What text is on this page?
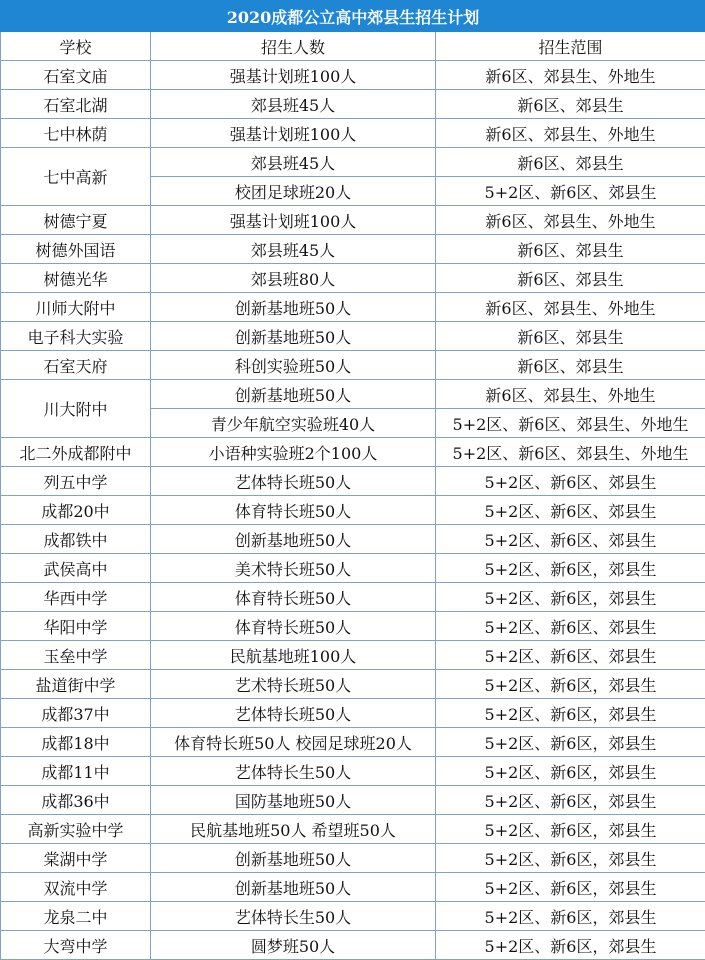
2020成都公立高中郊县生招生计划		
学校	招生人数	招生范围
石室文庙	强基计划班100人	新6区、郊县生、外地生
石室北湖	郊县班45人	新6区、郊县生
七中林荫	强基计划班100人	新6区、郊县生、外地生
七中高新	郊县班45人	新6区、郊县生
	校团足球班20人	5+2区、新6区、郊县生
树德宁夏	强基计划班100人	新6区、郊县生、外地生
树德外国语	郊县班45人	新6区、郊县生
树德光华	郊县班80人	新6区、郊县生
川师大附中	创新基地班50人	新6区、郊县生、外地生
电子科大实验	创新基地班50人	新6区、郊县生
石室天府	科创实验班50人	新6区、郊县生
川大附中	创新基地班50人	新6区、郊县生、外地生
	青少年航空实验班40人	5+2区、新6区、郊县生、外地生
北二外成都附中	小语种实验班2个100人	5+2区、新6区、郊县生、外地生
列五中学	艺体特长班50人	5+2区、新6区、郊县生
成都20中	体育特长班50人	5+2区、新6区、郊县生
成都铁中	创新基地班50人	5+2区、新6区、郊县生
武侯高中	美术特长班50人	5+2区、新6区，郊县生
华西中学	体育特长班50人	5+2区、新6区，郊县生
华阳中学	体育特长班50人	5+2区、新6区、郊县生
玉垒中学	民航基地班100人	5+2区、新6区、郊县生
盐道街中学	艺术特长班50人	5+2区、新6区，郊县生
成都37中	艺体特长班50人	5+2区、新6区，郊县生
成都18中	体育特长班50人 校园足球班20人	5+2区、新6区，郊县生
成都11中	艺体特长生50人	5+2区、新6区，郊县生
成都36中	国防基地班50人	5+2区、新6区，郊县生
高新实验中学	民航基地班50人 希望班50人	5+2区、新6区，郊县生
棠湖中学	创新基地班50人	5+2区、新6区，郊县生
双流中学	创新基地班50人	5+2区、新6区，郊县生
龙泉二中	艺体特长生50人	5+2区、新6区，郊县生
大弯中学	圆梦班50人	5+2区、新6区，郊县生
